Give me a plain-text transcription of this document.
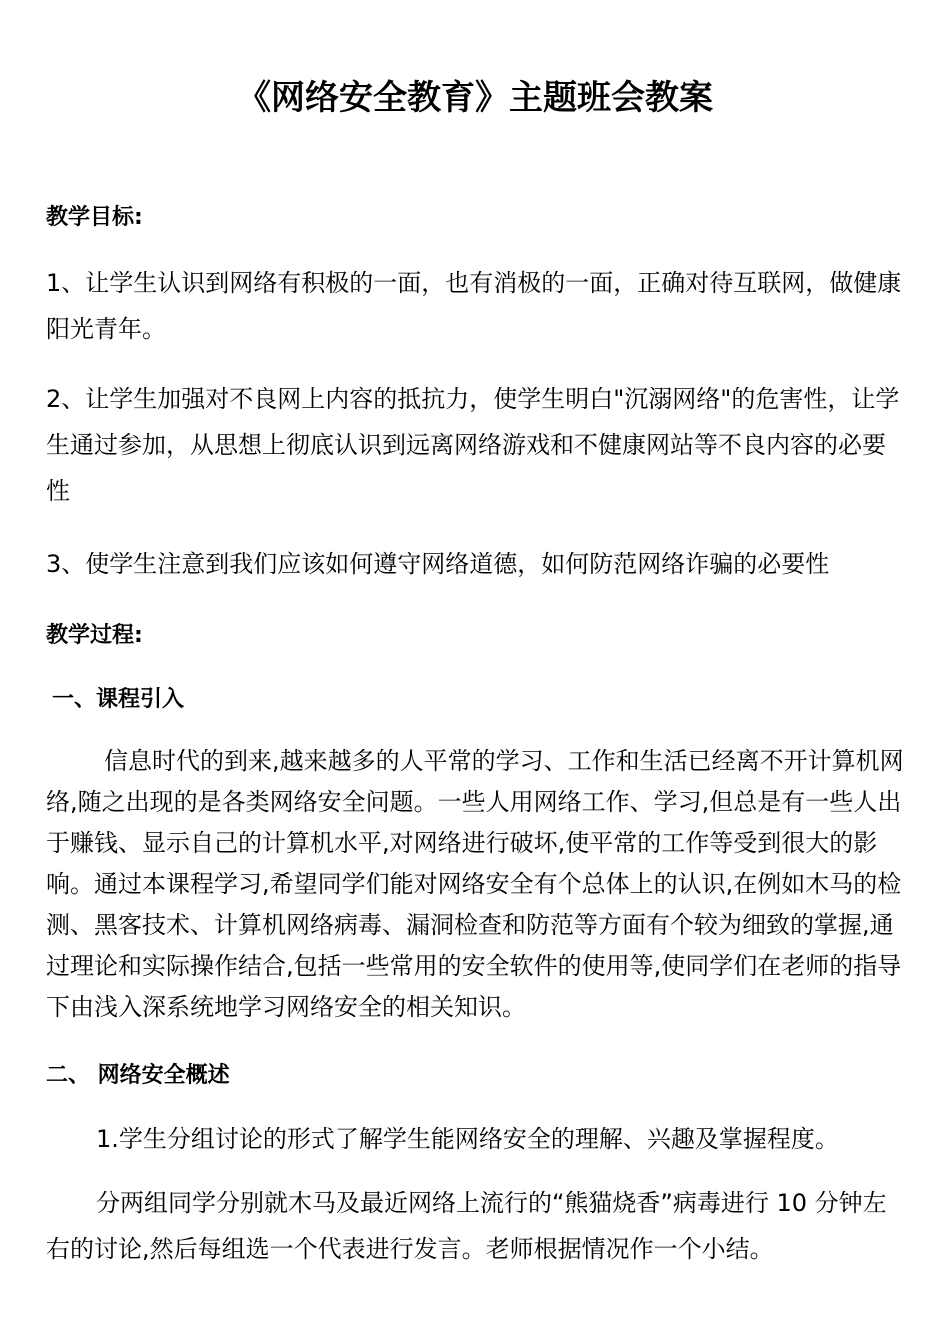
《网络安全教育》主题班会教案
教学目标:
1、让学生认识到网络有积极的一面，也有消极的一面，正确对待互联网，做健康阳光青年。
2、让学生加强对不良网上内容的抵抗力，使学生明白"沉溺网络"的危害性，让学生通过参加，从思想上彻底认识到远离网络游戏和不健康网站等不良内容的必要性
3、使学生注意到我们应该如何遵守网络道德，如何防范网络诈骗的必要性
教学过程:
一、课程引入
信息时代的到来,越来越多的人平常的学习、工作和生活已经离不开计算机网络,随之出现的是各类网络安全问题。一些人用网络工作、学习,但总是有一些人出于赚钱、显示自己的计算机水平,对网络进行破坏,使平常的工作等受到很大的影响。通过本课程学习,希望同学们能对网络安全有个总体上的认识,在例如木马的检测、黑客技术、计算机网络病毒、漏洞检查和防范等方面有个较为细致的掌握,通过理论和实际操作结合,包括一些常用的安全软件的使用等,使同学们在老师的指导下由浅入深系统地学习网络安全的相关知识。
二、 网络安全概述
1.学生分组讨论的形式了解学生能网络安全的理解、兴趣及掌握程度。
分两组同学分别就木马及最近网络上流行的“熊猫烧香”病毒进行 10 分钟左右的讨论,然后每组选一个代表进行发言。老师根据情况作一个小结。
